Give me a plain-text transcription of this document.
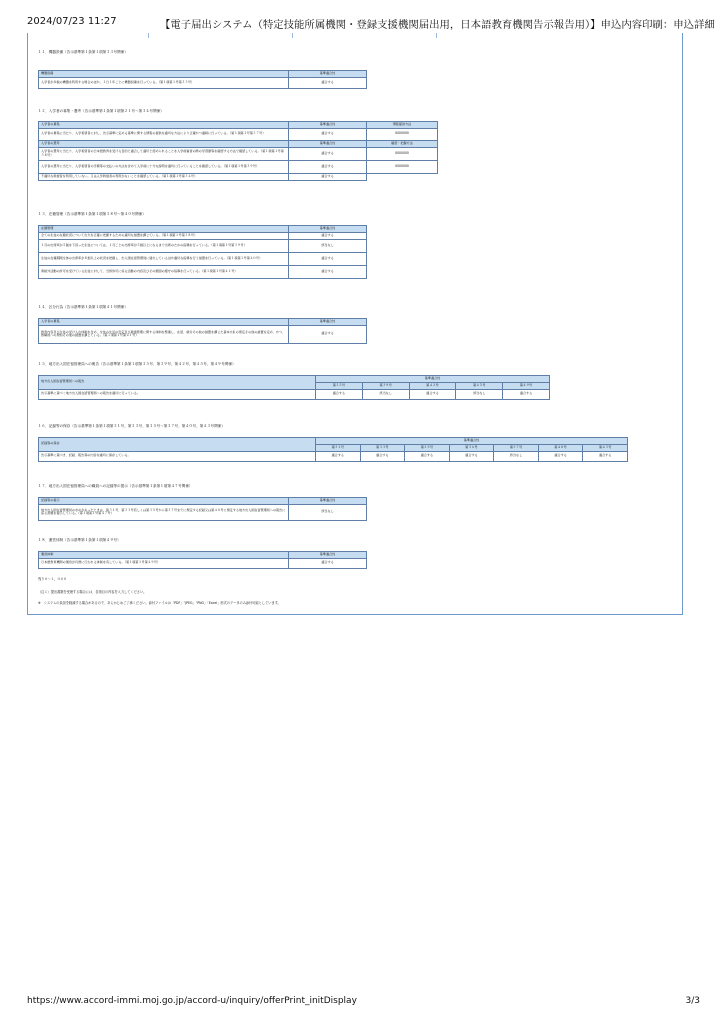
2024/07/23 11:27	【電子届出システム（特定技能所属機関・登録支援機関届出用，日本語教育機関告示報告用）】申込内容印刷：申込詳細
https://www.accord-immi.moj.go.jp/accord-u/inquiry/offerPrint_initDisplay	3/3
１１．機器設備（告示基準第１条第１項第３３号関係）
機器設備	基準適合性
入学者が多数の機器を利用する場合のほか、１日１年ごとに機器設備を行っている。（第１項第１号第３３号）	適合する
１２．入学者の募集・選考（告示基準第１条第１項第２１号〜第３４号関係）
入学者の募集	基準適合性	情報提供方法
入学者の募集に当たり、入学希望者に対し、告示基準に定める基準に関する情報の提供を適切な方法により正確かつ適時に行っている。（第１項第１号第３７号）	適合する	0000000
入学者の選考	基準適合性	確認・把握方法
入学者の選考に当たり、入学希望者の日本語教育を受ける目的と適合して適切と認められることを入学前審査の際の学習歴等を確認する方法で確認している。（第１項第１号第３８号）	適合する	0000000
入学者の選考に当たり、入学希望者の学費等の支払いの方法を含めて入学前に十分な説明を適切に行っていることを確認している。（第１項第１号第３９号）	適合する	0000000
不適切な斡旋者を利用していない。又は入学斡旋者の利用がないことを確認している。（第１項第１号第３４号）	適合する	
１３．在籍管理（告示基準第１条第１項第３８号〜第４０号関係）
在籍管理	基準適合性
全ての生徒の在籍状況について出欠を正確に把握するための適切な措置を講じている。（第１項第１号第３８号）	適合する
１月の出席率が５割を下回った生徒については、１月ごとの出席率が５割以上になるまで出席のための指導を行っている。（第１項第１号第３９号）	該当なし
生徒の在籍期間全体の出席率が８割以上の状況を把握し、出入国在留管理局に届出しているほか適切な指導を行う措置を行っている。（第１項第１号第４０号）	適合する
資格外活動の許可を受けている生徒に対して、当該許可に係る活動の内容及びその範囲の遵守の指導を行っている。（第１項第１号第４１号）	適合する
１４．区分行為（告示基準第１条第１項第４１号関係）
入学者の募集	基準適合性
教育内容及び生徒の受け入れ体制を含め、生徒の生活の安定及び健康管理に関する体制を整備し、在留、就労その他の措置を講じた基本方針の策定その他の措置を定め、かつ、教職員への周知その他の措置を講じている。（第１項第１号第４１号）	適合する
１５．地方出入国在留管理局への報告（告示基準第１条第１項第３５号、第３９号、第４２号、第４５号、第４９号関係）
地方出入国在留管理局への報告	基準適合性				
	第３５号	第３９号	第４２号	第４５号	第４９号
告示基準に基づく地方出入国在留管理局への報告を適切に行っている。	適合する	該当なし	適合する	該当なし	適合する
１６．記録等の保存（告示基準第１条第１項第３１号、第３３号、第３５号〜第３７号、第４０号、第４３号関係）
記録等の保存	基準適合性						
	第３１号	第３３号	第３５号	第３６号	第３７号	第４０号	第４３号
告示基準に基づき、記録、報告等の内容を適切に保存している。	適合する	適合する	適合する	適合する	該当なし	適合する	適合する
１７．地方出入国在留管理局への職員への記録等の提示（告示基準第１条第１項第４７号関係）
記録等の提示	基準適合性
地方出入国在留管理局の求めがあったときは、第３１号、第３３号若しくは第３５号から第３７号までに規定する記録又は第４０号に規定する地方出入国在留管理局への報告に係る書類を提示している。（第１項第１号第４７号）	該当なし
１８．運営体制（告示基準第１条第１項第４９号）
運営体制	基準適合性
日本語教育機関の運営が円滑に行われる体制を有している。（第１項第１号第４９号）	適合する
残り０〜１，０００
（注１）提出書類を受理する場合には、各項目の内容を入力してください。
※　システムの負担を軽減する場合があるので、あらかじめご了承ください。添付ファイルは「PDF」「JPEG」「PNG」「Excel」形式のデータのみ添付可能としています。
